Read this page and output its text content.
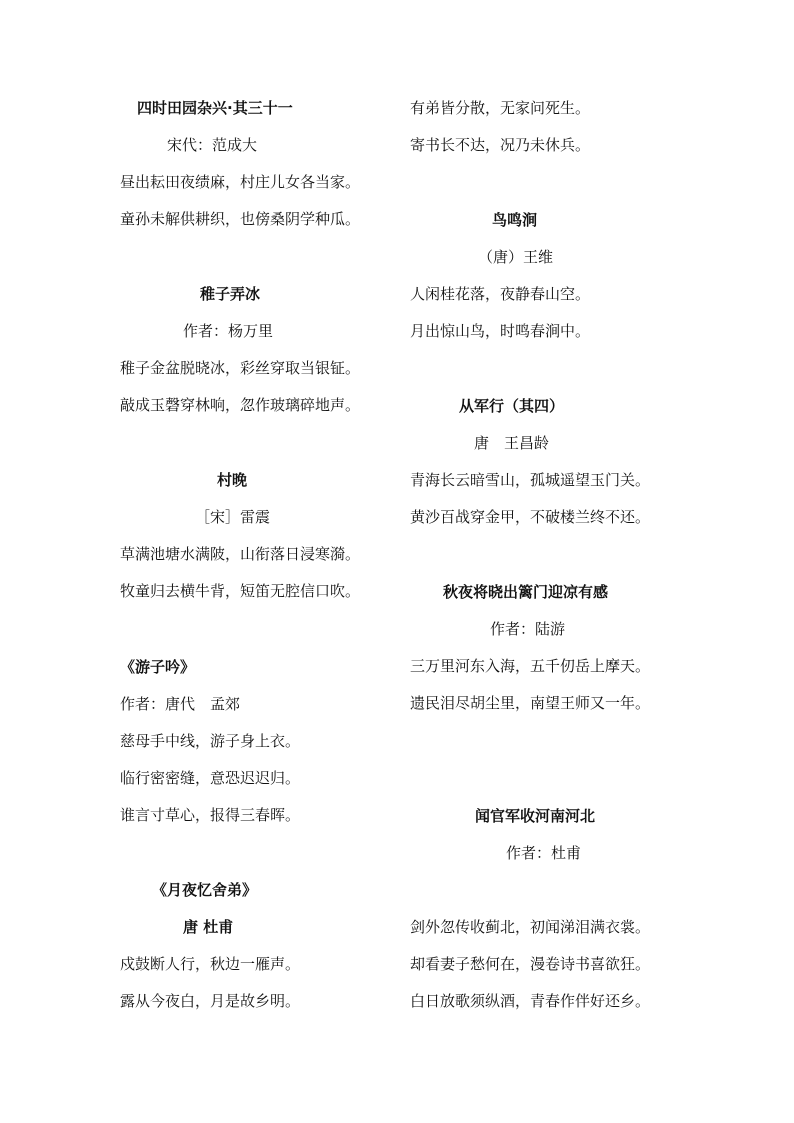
四时田园杂兴·其三十一
宋代：范成大
昼出耘田夜绩麻，村庄儿女各当家。
童孙未解供耕织，也傍桑阴学种瓜。
稚子弄冰
作者：杨万里
稚子金盆脱晓冰，彩丝穿取当银钲。
敲成玉磬穿林响，忽作玻璃碎地声。
村晚
［宋］雷震
草满池塘水满陂，山衔落日浸寒漪。
牧童归去横牛背，短笛无腔信口吹。
《游子吟》
作者：唐代　孟郊
慈母手中线，游子身上衣。
临行密密缝，意恐迟迟归。
谁言寸草心，报得三春晖。
《月夜忆舍弟》
唐 杜甫
戍鼓断人行，秋边一雁声。
露从今夜白，月是故乡明。
有弟皆分散，无家问死生。
寄书长不达，况乃未休兵。
鸟鸣涧
（唐）王维
人闲桂花落，夜静春山空。
月出惊山鸟，时鸣春涧中。
从军行（其四）
唐　王昌龄
青海长云暗雪山，孤城遥望玉门关。
黄沙百战穿金甲，不破楼兰终不还。
秋夜将晓出篱门迎凉有感
作者：陆游
三万里河东入海，五千仞岳上摩天。
遗民泪尽胡尘里，南望王师又一年。
闻官军收河南河北
作者：杜甫
剑外忽传收蓟北，初闻涕泪满衣裳。
却看妻子愁何在，漫卷诗书喜欲狂。
白日放歌须纵酒，青春作伴好还乡。
